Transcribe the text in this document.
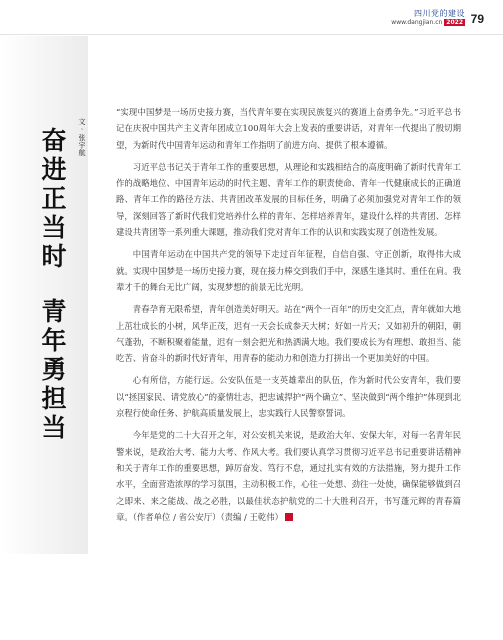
四川党的建设
www.dangjian.cn 2022 79
奋进正当时青年勇担当
文·张宇航

“实现中国梦是一场历史接力赛，当代青年要在实现民族复兴的赛道上奋勇争先。”习近平总书记在庆祝中国共产主义青年团成立100周年大会上发表的重要讲话，对青年一代提出了殷切期望，为新时代中国青年运动和青年工作指明了前进方向、提供了根本遵循。

习近平总书记关于青年工作的重要思想，从理论和实践相结合的高度明确了新时代青年工作的战略地位、中国青年运动的时代主题、青年工作的职责使命、青年一代健康成长的正确道路、青年工作的路径方法、共青团改革发展的目标任务，明确了必须加强党对青年工作的领导，深刻回答了新时代我们党培养什么样的青年、怎样培养青年，建设什么样的共青团、怎样建设共青团等一系列重大课题，推动我们党对青年工作的认识和实践实现了创造性发展。

中国青年运动在中国共产党的领导下走过百年征程，自信自强、守正创新，取得伟大成就。实现中国梦是一场历史接力赛，现在接力棒交到我们手中，深感生逢其时、重任在肩。我辈才千的舞台无比广阔，实现梦想的前景无比光明。

青春孕育无限希望，青年创造美好明天。站在“两个一百年”的历史交汇点，青年就如大地上茁壮成长的小树，风华正茂，迟有一天会长成参天大树；好如一片天；又如初升的朝阳，朝气蓬勃，不断积聚着能量，迟有一刻会把光和热洒满大地。我们要成长为有理想、敢担当、能吃苦、肯奋斗的新时代好青年，用青春的能动力和创造力打拼出一个更加美好的中国。

心有所信，方能行远。公安队伍是一支英雄辈出的队伍，作为新时代公安青年，我们要以“拯国家民、请党放心”的豪情壮志，把忠诚捍护“两个确立”、坚决做到“两个维护”体现到北京程行使命任务、护航高质量发展上，忠实践行人民警察誓词。

今年是党的二十大召开之年，对公安机关来说，是政治大年、安保大年，对每一名青年民警来说，是政治大考、能力大考、作风大考。我们要认真学习贯彻习近平总书记重要讲话精神和关于青年工作的重要思想，踔厉奋发、笃行不怠，通过扎实有效的方法措施，努力提升工作水平，全面营造浓厚的学习氛围，主动积极工作，心往一处想、劲往一处使，确保能够做到召之即来、来之能战、战之必胜，以最佳状态护航党的二十大胜利召开，书写蓬元辉的青春篇章。（作者单位 / 省公安厅）（责编 / 王乾伟）
